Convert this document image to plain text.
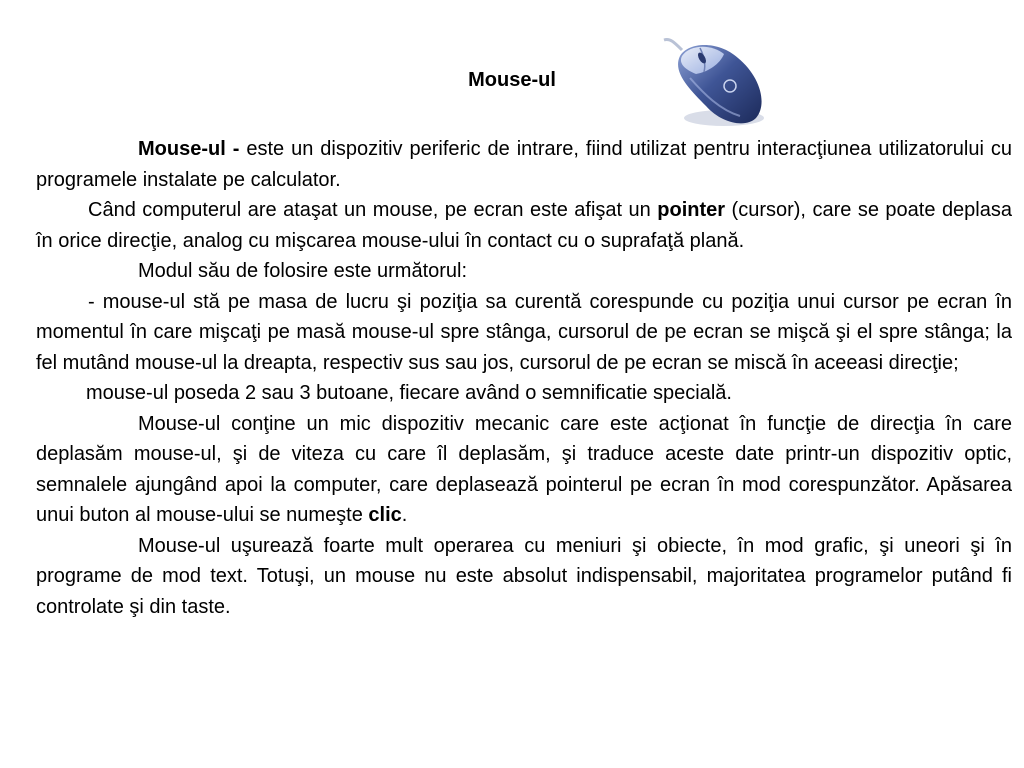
Mouse-ul

Mouse-ul - este un dispozitiv periferic de intrare, fiind utilizat pentru interacţiunea utilizatorului cu programele instalate pe calculator.

Când computerul are ataşat un mouse, pe ecran este afişat un pointer (cursor), care se poate deplasa în orice direcţie, analog cu mişcarea mouse-ului în contact cu o suprafaţă plană.

Modul său de folosire este următorul:

- mouse-ul stă pe masa de lucru şi poziţia sa curentă corespunde cu poziţia unui cursor pe ecran în momentul în care mişcaţi pe masă mouse-ul spre stânga, cursorul de pe ecran se mişcă şi el spre stânga; la fel mutând mouse-ul la dreapta, respectiv sus sau jos, cursorul de pe ecran se miscă în aceeasi direcţie;

mouse-ul poseda 2 sau 3 butoane, fiecare având o semnificatie specială.

Mouse-ul conţine un mic dispozitiv mecanic care este acţionat în funcţie de direcţia în care deplasăm mouse-ul, şi de viteza cu care îl deplasăm, şi traduce aceste date printr-un dispozitiv optic, semnalele ajungând apoi la computer, care deplasează pointerul pe ecran în mod corespunzător. Apăsarea unui buton al mouse-ului se numeşte clic.

Mouse-ul uşurează foarte mult operarea cu meniuri şi obiecte, în mod grafic, şi uneori şi în programe de mod text. Totuşi, un mouse nu este absolut indispensabil, majoritatea programelor putând fi controlate şi din taste.
